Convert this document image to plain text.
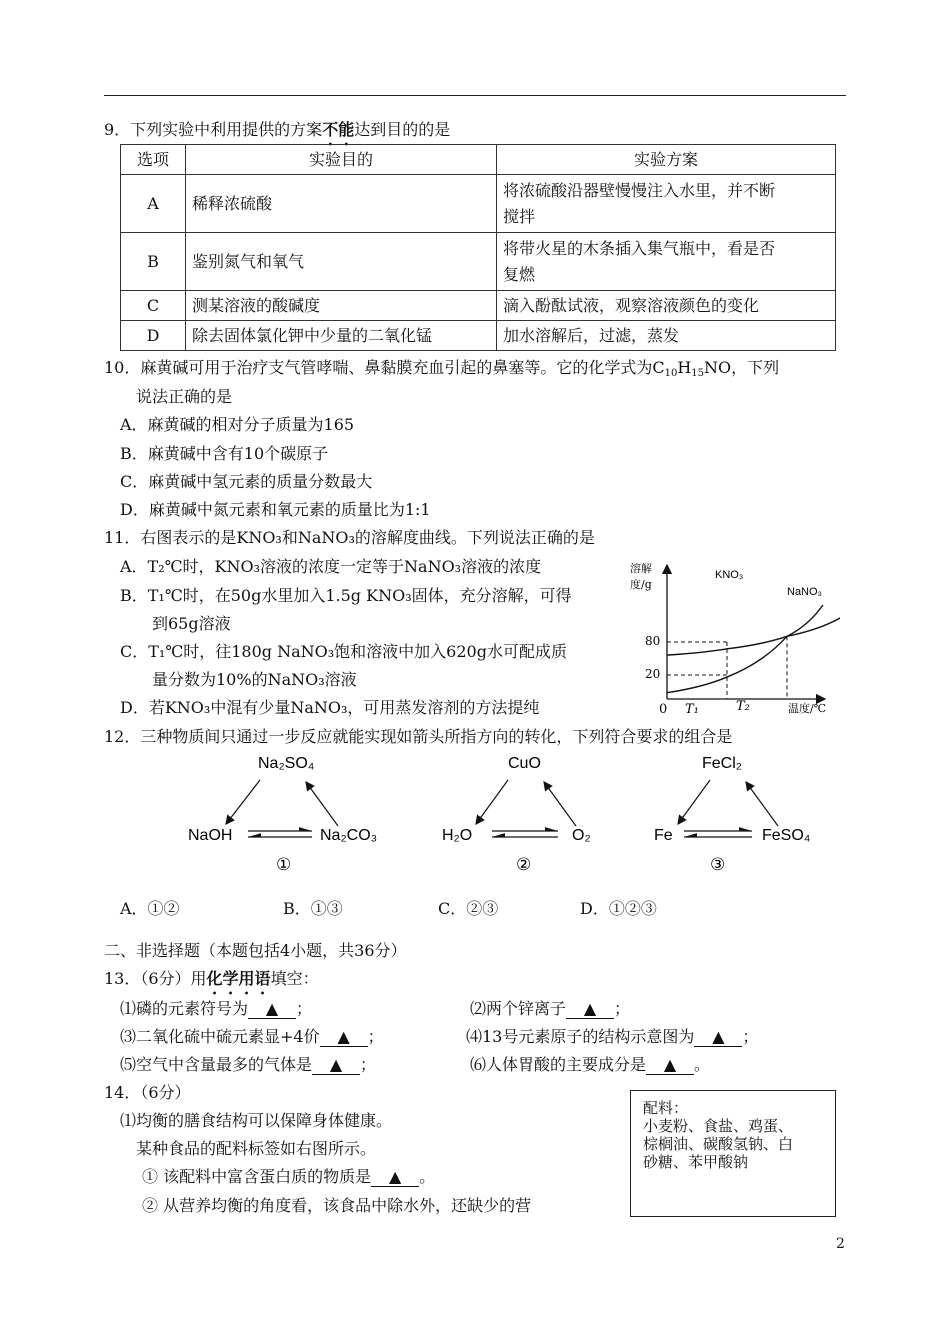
9．下列实验中利用提供的方案不能达到目的的是
选项	实验目的	实验方案
A	稀释浓硫酸	将浓硫酸沿器壁慢慢注入水里，并不断
搅拌

B	鉴别氮气和氧气	将带火星的木条插入集气瓶中，看是否
复燃

C	测某溶液的酸碱度	滴入酚酞试液，观察溶液颜色的变化
D	除去固体氯化钾中少量的二氧化锰	加水溶解后，过滤，蒸发
10．麻黄碱可用于治疗支气管哮喘、鼻黏膜充血引起的鼻塞等。它的化学式为$C_{10}H_{15}NO$，下列
说法正确的是
A．麻黄碱的相对分子质量为165
B．麻黄碱中含有10个碳原子
C．麻黄碱中氢元素的质量分数最大
D．麻黄碱中氮元素和氧元素的质量比为1:1
11．右图表示的是KNO₃和NaNO₃的溶解度曲线。下列说法正确的是
A．T₂℃时，KNO₃溶液的浓度一定等于NaNO₃溶液的浓度
B．T₁℃时，在50g水里加入1.5g KNO₃固体，充分溶解，可得
到65g溶液
C．T₁℃时，往180g NaNO₃饱和溶液中加入620g水可配成质
量分数为10%的NaNO₃溶液
D．若KNO₃中混有少量NaNO₃，可用蒸发溶剂的方法提纯
溶解
度/g
温度/℃
0
80
20
T₁	T₂
KNO₃
NaNO₃
12．三种物质间只通过一步反应就能实现如箭头所指方向的转化，下列符合要求的组合是
Na₂SO₄
NaOH	Na₂CO₃
①
CuO
H₂O	O₂
②
FeCl₂
Fe	FeSO₄
③
A．①②	B．①③	C．②③	D．①②③
二、非选择题（本题包括4小题，共36分）
13．（6分）用化学用语填空：
⑴磷的元素符号为 ▲ ；	⑵两个锌离子 ▲ ；
⑶二氧化硫中硫元素显+4价 ▲ ；	⑷13号元素原子的结构示意图为 ▲ ；
⑸空气中含量最多的气体是 ▲ ；	⑹人体胃酸的主要成分是 ▲ 。
14．（6分）
⑴均衡的膳食结构可以保障身体健康。
某种食品的配料标签如右图所示。
① 该配料中富含蛋白质的物质是 ▲ 。
② 从营养均衡的角度看，该食品中除水外，还缺少的营
配料：
小麦粉、食盐、鸡蛋、
棕榈油、碳酸氢钠、白
砂糖、苯甲酸钠
2
